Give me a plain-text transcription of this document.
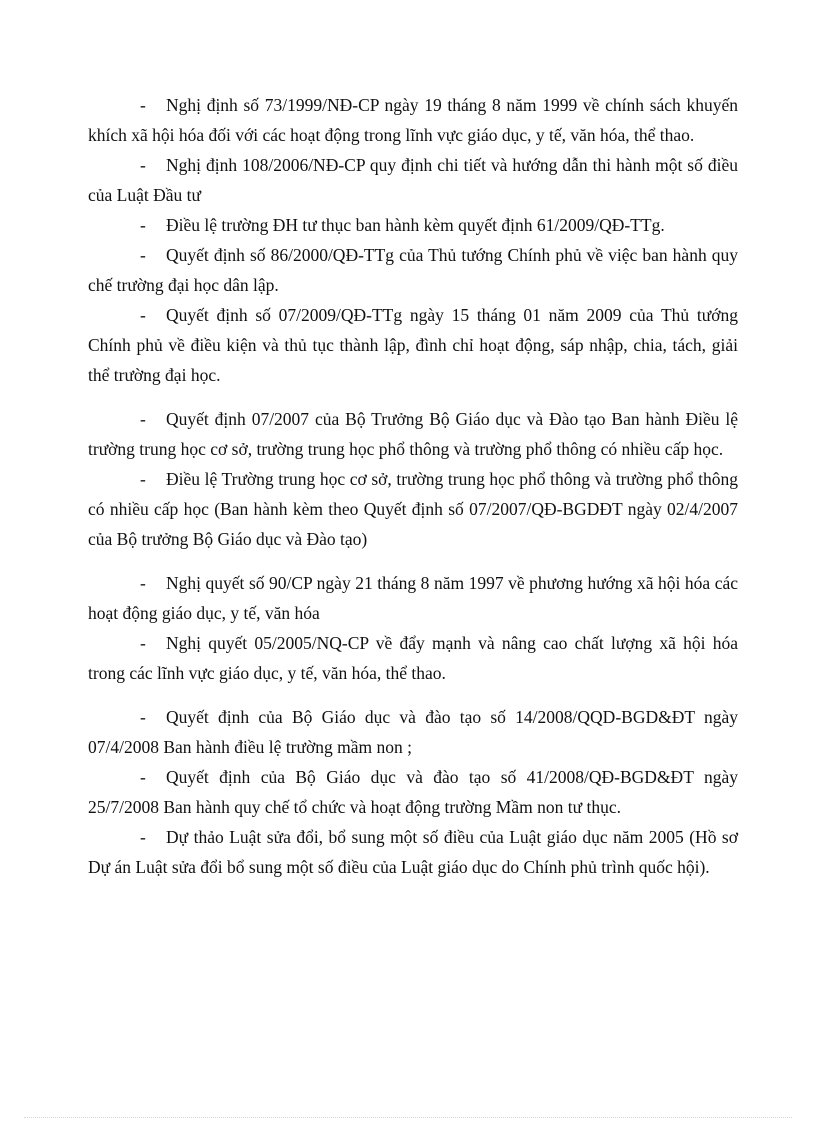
- Nghị định số 73/1999/NĐ-CP ngày 19 tháng 8 năm 1999 về chính sách khuyến khích xã hội hóa đối với các hoạt động trong lĩnh vực giáo dục, y tế, văn hóa, thể thao.

- Nghị định 108/2006/NĐ-CP quy định chi tiết và hướng dẫn thi hành một số điều của Luật Đầu tư

- Điều lệ trường ĐH tư thục ban hành kèm quyết định 61/2009/QĐ-TTg.

- Quyết định số 86/2000/QĐ-TTg của Thủ tướng Chính phủ về việc ban hành quy chế trường đại học dân lập.

- Quyết định số 07/2009/QĐ-TTg ngày 15 tháng 01 năm 2009 của Thủ tướng Chính phủ về điều kiện và thủ tục thành lập, đình chỉ hoạt động, sáp nhập, chia, tách, giải thể trường đại học.

- Quyết định 07/2007 của Bộ Trưởng Bộ Giáo dục và Đào tạo Ban hành Điều lệ trường trung học cơ sở, trường trung học phổ thông và trường phổ thông có nhiều cấp học.

- Điều lệ Trường trung học cơ sở, trường trung học phổ thông và trường phổ thông có nhiều cấp học (Ban hành kèm theo Quyết định số 07/2007/QĐ-BGDĐT ngày 02/4/2007 của Bộ trưởng Bộ Giáo dục và Đào tạo)

- Nghị quyết số 90/CP ngày 21 tháng 8 năm 1997 về phương hướng xã hội hóa các hoạt động giáo dục, y tế, văn hóa

- Nghị quyết 05/2005/NQ-CP về đẩy mạnh và nâng cao chất lượng xã hội hóa trong các lĩnh vực giáo dục, y tế, văn hóa, thể thao.

- Quyết định của Bộ Giáo dục và đào tạo số 14/2008/QQD-BGD&ĐT ngày 07/4/2008 Ban hành điều lệ trường mầm non ;

- Quyết định của Bộ Giáo dục và đào tạo số 41/2008/QĐ-BGD&ĐT ngày 25/7/2008 Ban hành quy chế tổ chức và hoạt động trường Mầm non tư thục.

- Dự thảo Luật sửa đổi, bổ sung một số điều của Luật giáo dục năm 2005 (Hồ sơ Dự án Luật sửa đổi bổ sung một số điều của Luật giáo dục do Chính phủ trình quốc hội).
